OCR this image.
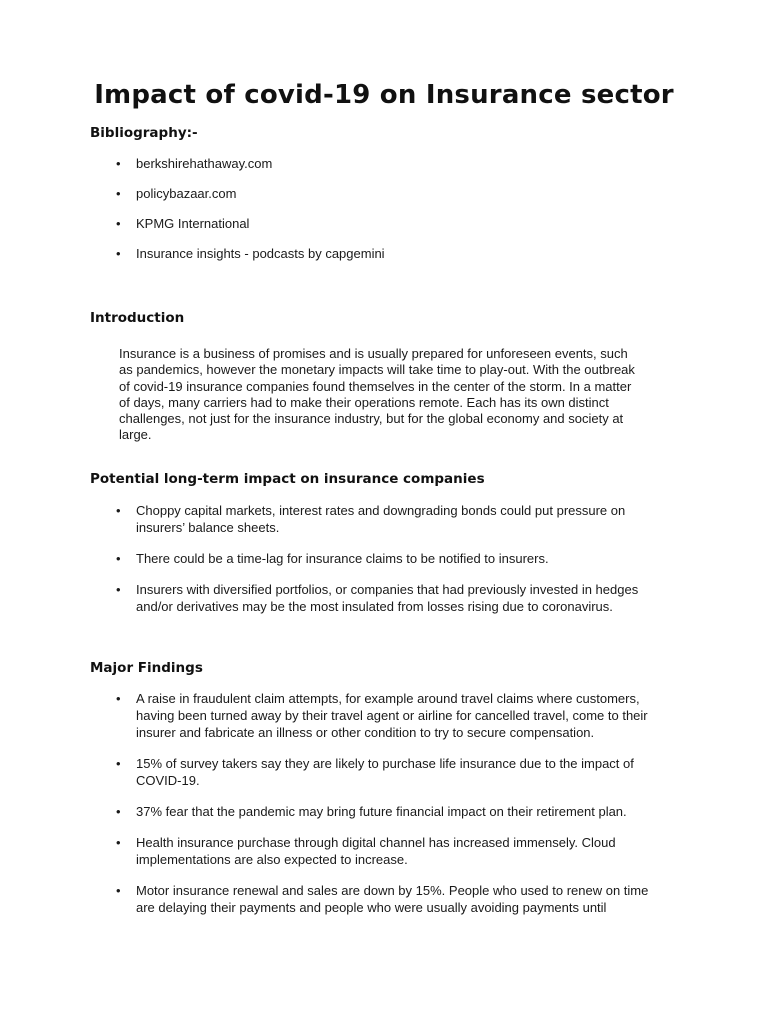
Impact of covid-19 on Insurance sector
Bibliography:-
• berkshirehathaway.com
• policybazaar.com
• KPMG International
• Insurance insights - podcasts by capgemini
Introduction

Insurance is a business of promises and is usually prepared for unforeseen events, such as pandemics, however the monetary impacts will take time to play-out. With the outbreak of covid-19 insurance companies found themselves in the center of the storm. In a matter of days, many carriers had to make their operations remote. Each has its own distinct challenges, not just for the insurance industry, but for the global economy and society at large.

Potential long-term impact on insurance companies
• Choppy capital markets, interest rates and downgrading bonds could put pressure on insurers’ balance sheets.
• There could be a time-lag for insurance claims to be notified to insurers.
• Insurers with diversified portfolios, or companies that had previously invested in hedges and/or derivatives may be the most insulated from losses rising due to coronavirus.
Major Findings
• A raise in fraudulent claim attempts, for example around travel claims where customers, having been turned away by their travel agent or airline for cancelled travel, come to their insurer and fabricate an illness or other condition to try to secure compensation.
• 15% of survey takers say they are likely to purchase life insurance due to the impact of COVID-19.
• 37% fear that the pandemic may bring future financial impact on their retirement plan.
• Health insurance purchase through digital channel has increased immensely. Cloud implementations are also expected to increase.
• Motor insurance renewal and sales are down by 15%. People who used to renew on time are delaying their payments and people who were usually avoiding payments until
